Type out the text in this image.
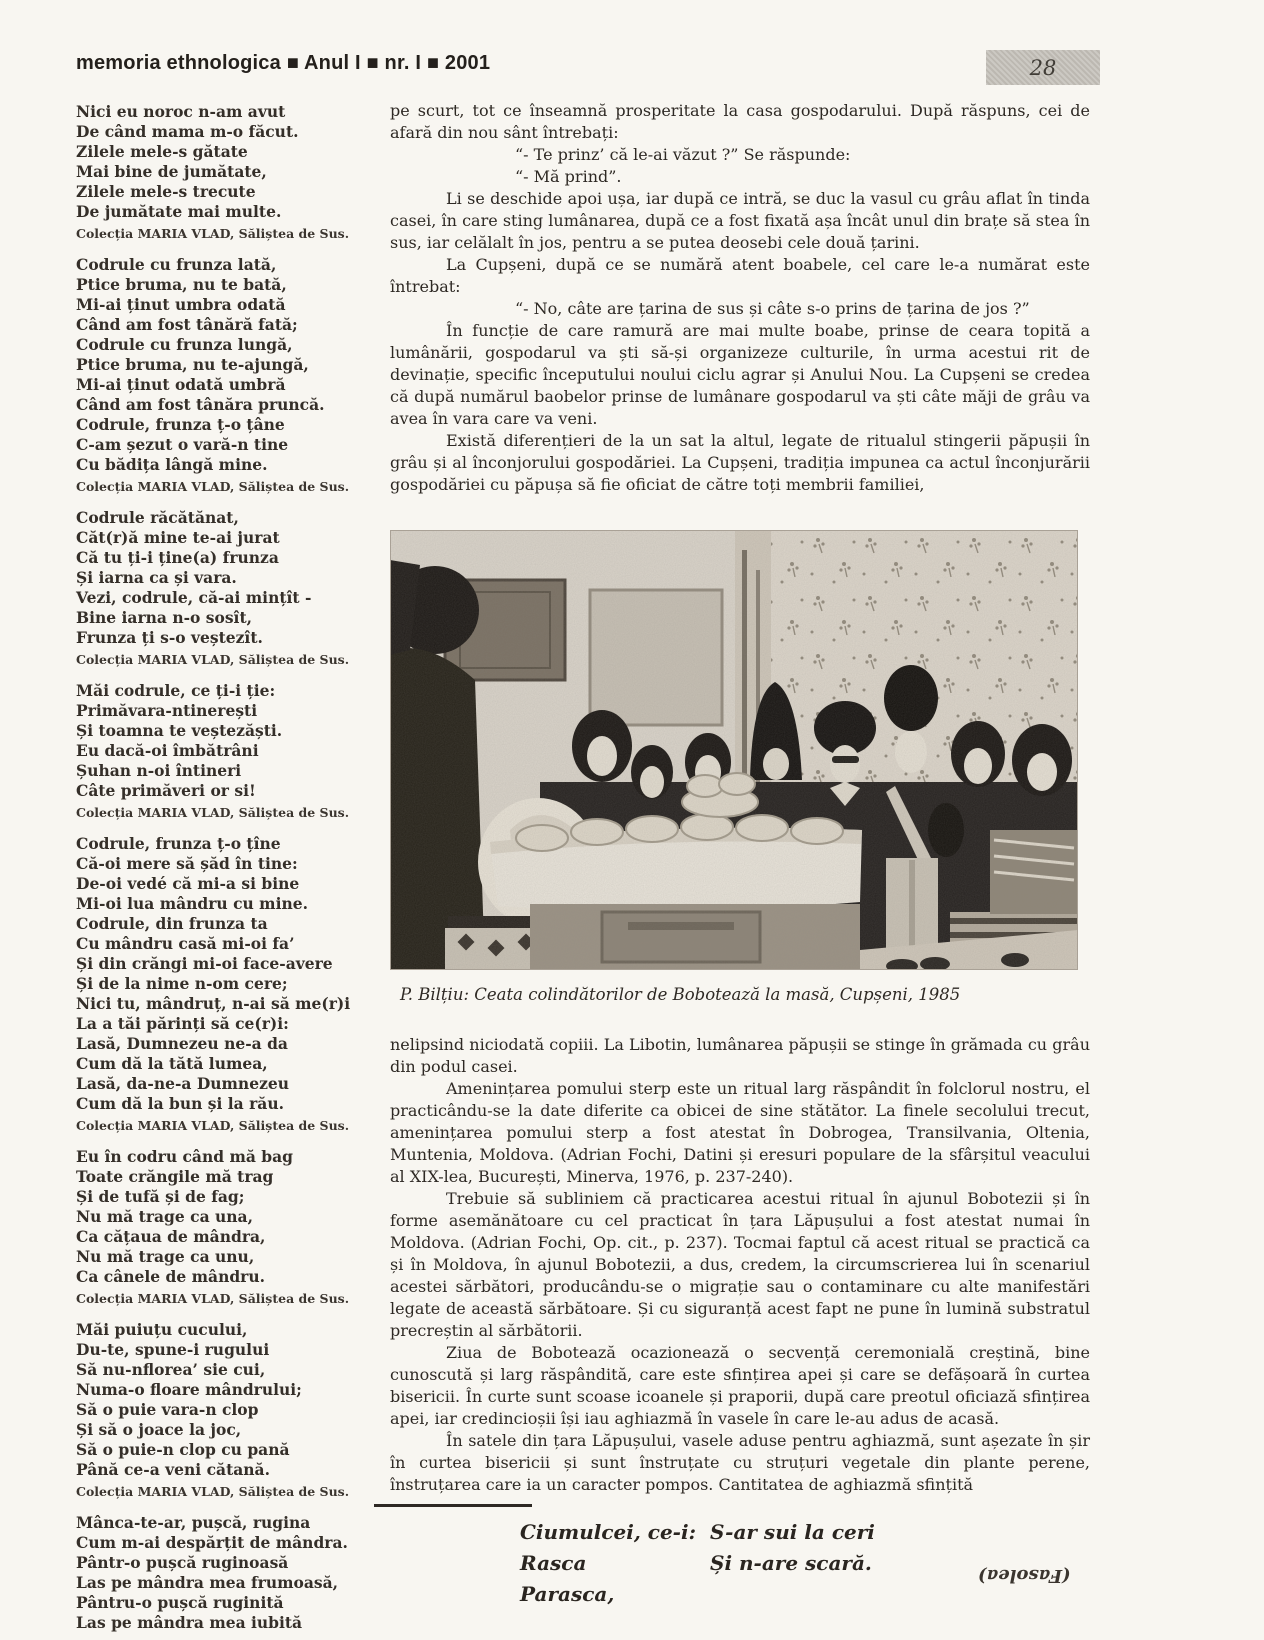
memoria ethnologica ■ Anul I ■ nr. I ■ 2001	28
Nici eu noroc n-am avut
De când mama m-o făcut.
Zilele mele-s gătate
Mai bine de jumătate,
Zilele mele-s trecute
De jumătate mai multe.
Colecția MARIA VLAD, Săliștea de Sus.
Codrule cu frunza lată,
Ptice bruma, nu te bată,
Mi-ai ținut umbra odată
Când am fost tânără fată;
Codrule cu frunza lungă,
Ptice bruma, nu te-ajungă,
Mi-ai ținut odată umbră
Când am fost tânăra pruncă.
Codrule, frunza ț-o țâne
C-am șezut o vară-n tine
Cu bădița lângă mine.
Colecția MARIA VLAD, Săliștea de Sus.
Codrule răcătănat,
Căt(r)ă mine te-ai jurat
Că tu ți-i ține(a) frunza
Și iarna ca și vara.
Vezi, codrule, că-ai mințît -
Bine iarna n-o sosît,
Frunza ți s-o veștezît.
Colecția MARIA VLAD, Săliștea de Sus.
Măi codrule, ce ți-i ție:
Primăvara-ntinerești
Și toamna te veștezăști.
Eu dacă-oi îmbătrâni
Șuhan n-oi întineri
Câte primăveri or si!
Colecția MARIA VLAD, Săliștea de Sus.
Codrule, frunza ț-o țîne
Că-oi mere să șăd în tine:
De-oi vedé că mi-a si bine
Mi-oi lua mândru cu mine.
Codrule, din frunza ta
Cu mândru casă mi-oi fa’
Și din crăngi mi-oi face-avere
Și de la nime n-om cere;
Nici tu, mândruț, n-ai să me(r)i
La a tăi părinți să ce(r)i:
Lasă, Dumnezeu ne-a da
Cum dă la tătă lumea,
Lasă, da-ne-a Dumnezeu
Cum dă la bun și la rău.
Colecția MARIA VLAD, Săliștea de Sus.
Eu în codru când mă bag
Toate crăngile mă trag
Și de tufă și de fag;
Nu mă trage ca una,
Ca cățaua de mândra,
Nu mă trage ca unu,
Ca cânele de mândru.
Colecția MARIA VLAD, Săliștea de Sus.
Măi puiuțu cucului,
Du-te, spune-i rugului
Să nu-nflorea’ sie cui,
Numa-o floare mândrului;
Să o puie vara-n clop
Și să o joace la joc,
Să o puie-n clop cu pană
Până ce-a veni cătană.
Colecția MARIA VLAD, Săliștea de Sus.
Mânca-te-ar, pușcă, rugina
Cum m-ai despărțit de mândra.
Pântr-o pușcă ruginoasă
Las pe mândra mea frumoasă,
Pântru-o pușcă ruginită
Las pe mândra mea iubită

pe scurt, tot ce înseamnă prosperitate la casa gospodarului. După răspuns, cei de afară din nou sânt întrebați:

“- Te prinz’ că le-ai văzut ?” Se răspunde:

“- Mă prind”.

Li se deschide apoi ușa, iar după ce intră, se duc la vasul cu grâu aflat în tinda casei, în care sting lumânarea, după ce a fost fixată așa încât unul din brațe să stea în sus, iar celălalt în jos, pentru a se putea deosebi cele două țarini.

La Cupșeni, după ce se numără atent boabele, cel care le-a numărat este întrebat:

“- No, câte are țarina de sus și câte s-o prins de țarina de jos ?”

În funcție de care ramură are mai multe boabe, prinse de ceara topită a lumânării, gospodarul va ști să-și organizeze culturile, în urma acestui rit de devinație, specific începutului noului ciclu agrar și Anului Nou. La Cupșeni se credea că după numărul baobelor prinse de lumânare gospodarul va ști câte măji de grâu va avea în vara care va veni.

Există diferențieri de la un sat la altul, legate de ritualul stingerii păpușii în grâu și al înconjorului gospodăriei. La Cupșeni, tradiția impunea ca actul înconjurării gospodăriei cu păpușa să fie oficiat de către toți membrii familiei,

P. Bilțiu: Ceata colindătorilor de Bobotează la masă, Cupșeni, 1985

nelipsind niciodată copiii. La Libotin, lumânarea păpușii se stinge în grămada cu grâu din podul casei.

Amenințarea pomului sterp este un ritual larg răspândit în folclorul nostru, el practicându-se la date diferite ca obicei de sine stătător. La finele secolului trecut, amenințarea pomului sterp a fost atestat în Dobrogea, Transilvania, Oltenia, Muntenia, Moldova. (Adrian Fochi, Datini și eresuri populare de la sfârșitul veacului al XIX-lea, București, Minerva, 1976, p. 237-240).

Trebuie să subliniem că practicarea acestui ritual în ajunul Bobotezii și în forme asemănătoare cu cel practicat în țara Lăpușului a fost atestat numai în Moldova. (Adrian Fochi, Op. cit., p. 237). Tocmai faptul că acest ritual se practică ca și în Moldova, în ajunul Bobotezii, a dus, credem, la circumscrierea lui în scenariul acestei sărbători, producându-se o migrație sau o contaminare cu alte manifestări legate de această sărbătoare. Și cu siguranță acest fapt ne pune în lumină substratul precreștin al sărbătorii.

Ziua de Bobotează ocazionează o secvență ceremonială creștină, bine cunoscută și larg răspândită, care este sfințirea apei și care se defășoară în curtea bisericii. În curte sunt scoase icoanele și praporii, după care preotul oficiază sfințirea apei, iar credincioșii își iau aghiazmă în vasele în care le-au adus de acasă.

În satele din țara Lăpușului, vasele aduse pentru aghiazmă, sunt așezate în șir în curtea bisericii și sunt înstruțate cu struțuri vegetale din plante perene, înstruțarea care ia un caracter pompos. Cantitatea de aghiazmă sfințită

Ciumulcei, ce-i:
Rasca
Parasca,
S-ar sui la ceri
Și n-are scară.
(Fasolea)
